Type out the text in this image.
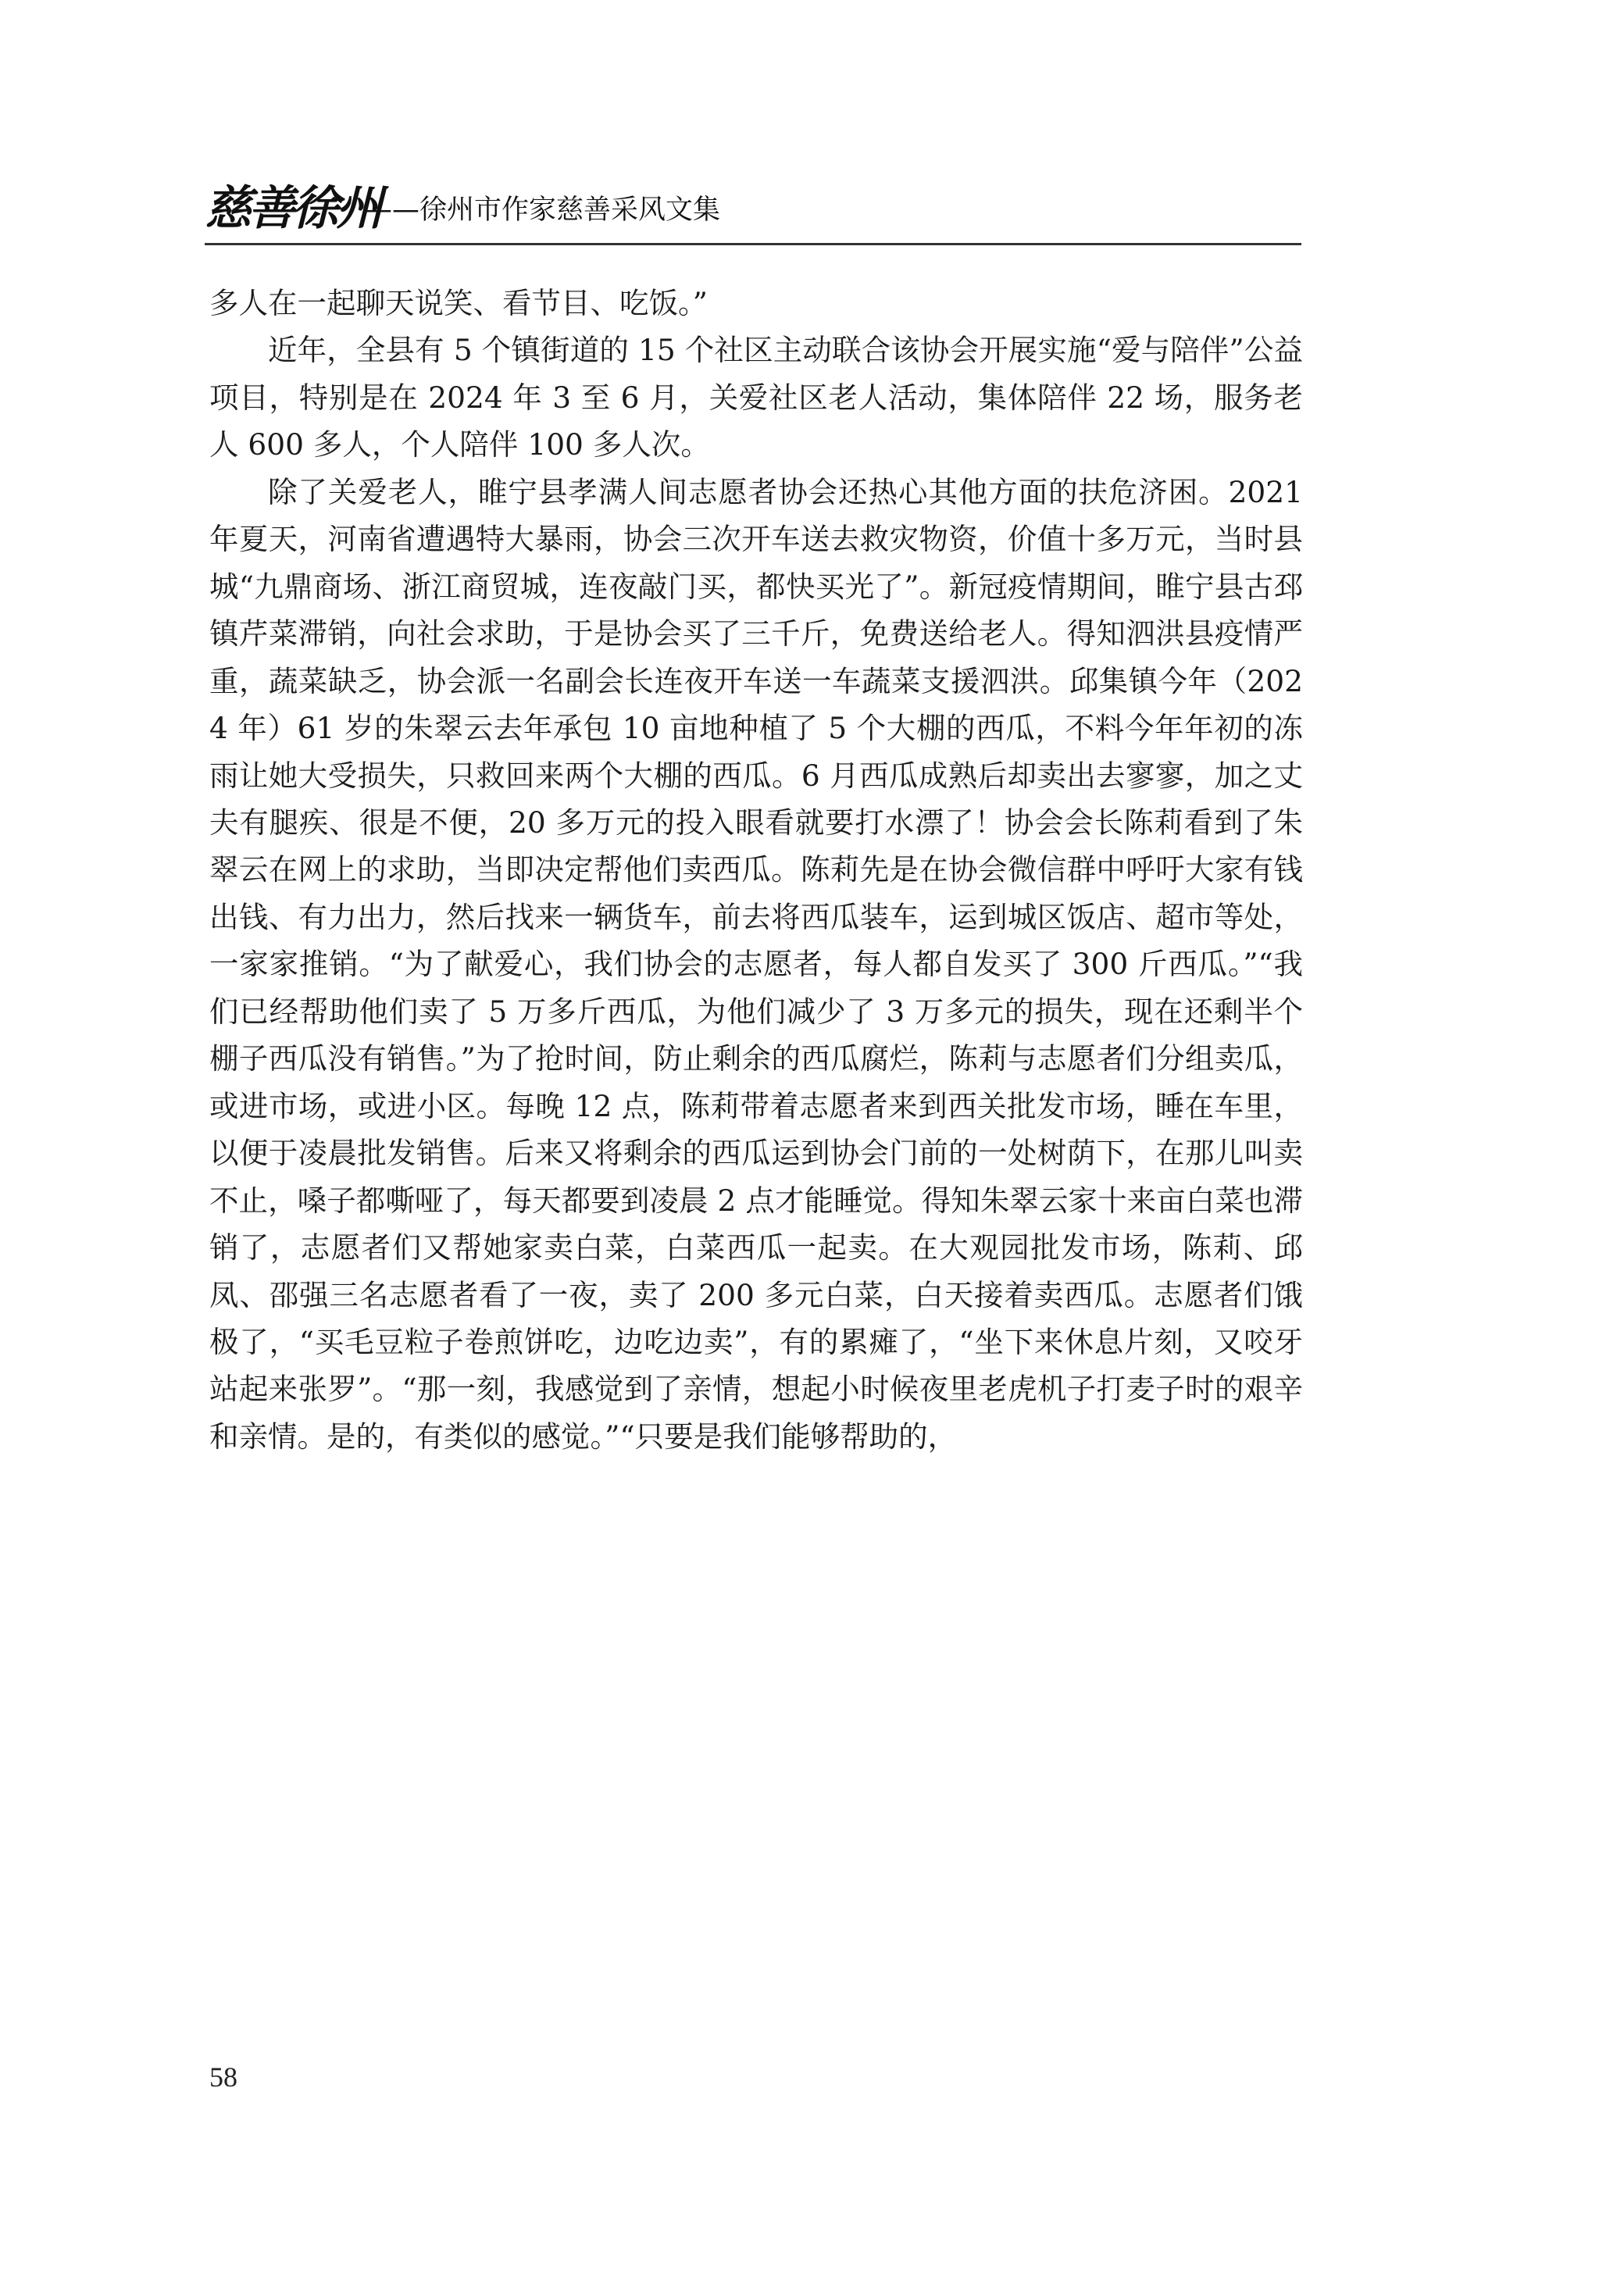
慈善徐州
——徐州市作家慈善采风文集

多人在一起聊天说笑、看节目、吃饭。”

近年，全县有 5 个镇街道的 15 个社区主动联合该协会开展实施“爱与陪伴”公益项目，特别是在 2024 年 3 至 6 月，关爱社区老人活动，集体陪伴 22 场，服务老人 600 多人，个人陪伴 100 多人次。

除了关爱老人，睢宁县孝满人间志愿者协会还热心其他方面的扶危济困。2021 年夏天，河南省遭遇特大暴雨，协会三次开车送去救灾物资，价值十多万元，当时县城“九鼎商场、浙江商贸城，连夜敲门买，都快买光了”。新冠疫情期间，睢宁县古邳镇芹菜滞销，向社会求助，于是协会买了三千斤，免费送给老人。得知泗洪县疫情严重，蔬菜缺乏，协会派一名副会长连夜开车送一车蔬菜支援泗洪。邱集镇今年（2024 年）61 岁的朱翠云去年承包 10 亩地种植了 5 个大棚的西瓜，不料今年年初的冻雨让她大受损失，只救回来两个大棚的西瓜。6 月西瓜成熟后却卖出去寥寥，加之丈夫有腿疾、很是不便，20 多万元的投入眼看就要打水漂了！协会会长陈莉看到了朱翠云在网上的求助，当即决定帮他们卖西瓜。陈莉先是在协会微信群中呼吁大家有钱出钱、有力出力，然后找来一辆货车，前去将西瓜装车，运到城区饭店、超市等处，一家家推销。“为了献爱心，我们协会的志愿者，每人都自发买了 300 斤西瓜。”“我们已经帮助他们卖了 5 万多斤西瓜，为他们减少了 3 万多元的损失，现在还剩半个棚子西瓜没有销售。”为了抢时间，防止剩余的西瓜腐烂，陈莉与志愿者们分组卖瓜，或进市场，或进小区。每晚 12 点，陈莉带着志愿者来到西关批发市场，睡在车里，以便于凌晨批发销售。后来又将剩余的西瓜运到协会门前的一处树荫下，在那儿叫卖不止，嗓子都嘶哑了，每天都要到凌晨 2 点才能睡觉。得知朱翠云家十来亩白菜也滞销了，志愿者们又帮她家卖白菜，白菜西瓜一起卖。在大观园批发市场，陈莉、邱凤、邵强三名志愿者看了一夜，卖了 200 多元白菜，白天接着卖西瓜。志愿者们饿极了，“买毛豆粒子卷煎饼吃，边吃边卖”，有的累瘫了，“坐下来休息片刻，又咬牙站起来张罗”。“那一刻，我感觉到了亲情，想起小时候夜里老虎机子打麦子时的艰辛和亲情。是的，有类似的感觉。”“只要是我们能够帮助的，

58
